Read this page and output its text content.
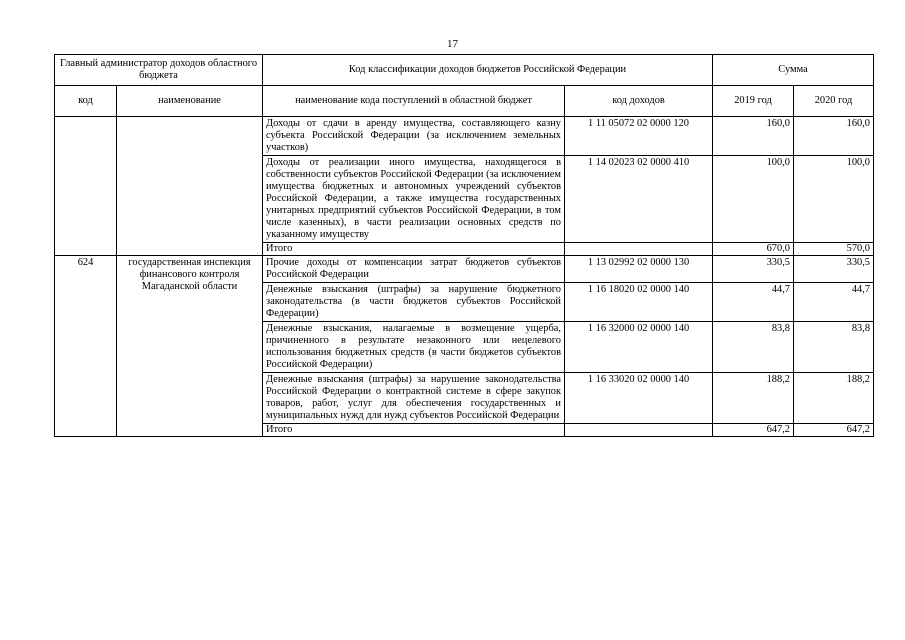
17
Главный администратор доходов областного бюджета		Код классификации доходов бюджетов Российской Федерации		Сумма	
код	наименование	наименование кода поступлений в областной бюджет	код доходов	2019 год	2020 год
		Доходы от сдачи в аренду имущества, составляющего казну субъекта Российской Федерации (за исключением земельных участков)	1 11 05072 02 0000 120	160,0	160,0
		Доходы от реализации иного имущества, находящегося в собственности субъектов Российской Федерации (за исключением имущества бюджетных и автономных учреждений субъектов Российской Федерации, а также имущества государственных унитарных предприятий субъектов Российской Федерации, в том числе казенных), в части реализации основных средств по указанному имуществу	1 14 02023 02 0000 410	100,0	100,0
		Итого		670,0	570,0
624	государственная инспекция финансового контроля Магаданской области	Прочие доходы от компенсации затрат бюджетов субъектов Российской Федерации	1 13 02992 02 0000 130	330,5	330,5
		Денежные взыскания (штрафы) за нарушение бюджетного законодательства (в части бюджетов субъектов Российской Федерации)	1 16 18020 02 0000 140	44,7	44,7
		Денежные взыскания, налагаемые в возмещение ущерба, причиненного в результате незаконного или нецелевого использования бюджетных средств (в части бюджетов субъектов Российской Федерации)	1 16 32000 02 0000 140	83,8	83,8
		Денежные взыскания (штрафы) за нарушение законодательства Российской Федерации о контрактной системе в сфере закупок товаров, работ, услуг для обеспечения государственных и муниципальных нужд для нужд субъектов Российской Федерации	1 16 33020 02 0000 140	188,2	188,2
		Итого		647,2	647,2
